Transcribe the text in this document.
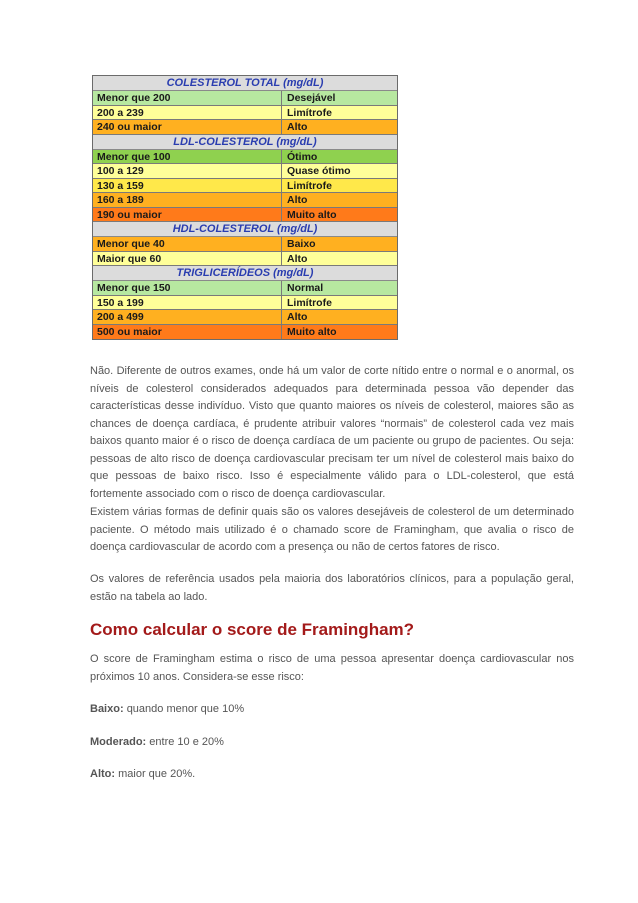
COLESTEROL TOTAL (mg/dL)
Menor que 200	Desejável
200 a 239	Limítrofe
240 ou maior	Alto
LDL-COLESTEROL (mg/dL)
Menor que 100	Ótimo
100 a 129	Quase ótimo
130 a 159	Limítrofe
160 a 189	Alto
190 ou maior	Muito alto
HDL-COLESTEROL (mg/dL)
Menor que 40	Baixo
Maior que 60	Alto
TRIGLICERÍDEOS (mg/dL)
Menor que 150	Normal
150 a 199	Limítrofe
200 a 499	Alto
500 ou maior	Muito alto

Não. Diferente de outros exames, onde há um valor de corte nítido entre o normal e o anormal, os níveis de colesterol considerados adequados para determinada pessoa vão depender das características desse indivíduo. Visto que quanto maiores os níveis de colesterol, maiores são as chances de doença cardíaca, é prudente atribuir valores “normais” de colesterol cada vez mais baixos quanto maior é o risco de doença cardíaca de um paciente ou grupo de pacientes. Ou seja: pessoas de alto risco de doença cardiovascular precisam ter um nível de colesterol mais baixo do que pessoas de baixo risco. Isso é especialmente válido para o LDL-colesterol, que está fortemente associado com o risco de doença cardiovascular.

Existem várias formas de definir quais são os valores desejáveis de colesterol de um determinado paciente. O método mais utilizado é o chamado score de Framingham, que avalia o risco de doença cardiovascular de acordo com a presença ou não de certos fatores de risco.

Os valores de referência usados pela maioria dos laboratórios clínicos, para a população geral, estão na tabela ao lado.

Como calcular o score de Framingham?

O score de Framingham estima o risco de uma pessoa apresentar doença cardiovascular nos próximos 10 anos. Considera-se esse risco:

Baixo: quando menor que 10%

Moderado: entre 10 e 20%

Alto: maior que 20%.
